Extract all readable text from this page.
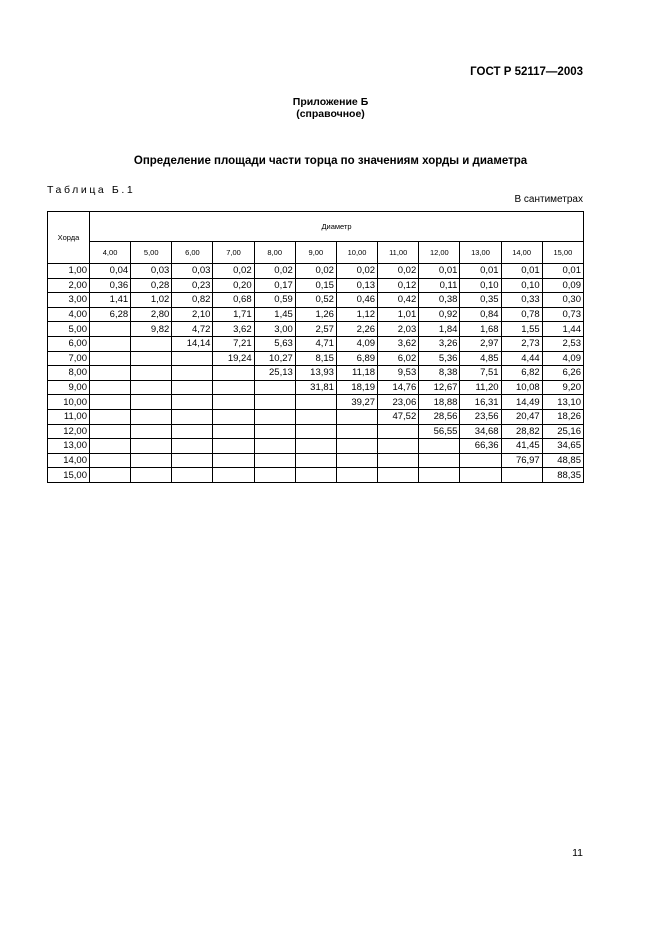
ГОСТ Р 52117—2003
Приложение Б
(справочное)
Определение площади части торца по значениям хорды и диаметра
Таблица Б.1
В сантиметрах
Хорда	Диаметр											
	4,00	5,00	6,00	7,00	8,00	9,00	10,00	11,00	12,00	13,00	14,00	15,00
1,00	0,04	0,03	0,03	0,02	0,02	0,02	0,02	0,02	0,01	0,01	0,01	0,01
2,00	0,36	0,28	0,23	0,20	0,17	0,15	0,13	0,12	0,11	0,10	0,10	0,09
3,00	1,41	1,02	0,82	0,68	0,59	0,52	0,46	0,42	0,38	0,35	0,33	0,30
4,00	6,28	2,80	2,10	1,71	1,45	1,26	1,12	1,01	0,92	0,84	0,78	0,73
5,00		9,82	4,72	3,62	3,00	2,57	2,26	2,03	1,84	1,68	1,55	1,44
6,00			14,14	7,21	5,63	4,71	4,09	3,62	3,26	2,97	2,73	2,53
7,00				19,24	10,27	8,15	6,89	6,02	5,36	4,85	4,44	4,09
8,00					25,13	13,93	11,18	9,53	8,38	7,51	6,82	6,26
9,00						31,81	18,19	14,76	12,67	11,20	10,08	9,20
10,00							39,27	23,06	18,88	16,31	14,49	13,10
11,00								47,52	28,56	23,56	20,47	18,26
12,00									56,55	34,68	28,82	25,16
13,00										66,36	41,45	34,65
14,00											76,97	48,85
15,00												88,35
11
